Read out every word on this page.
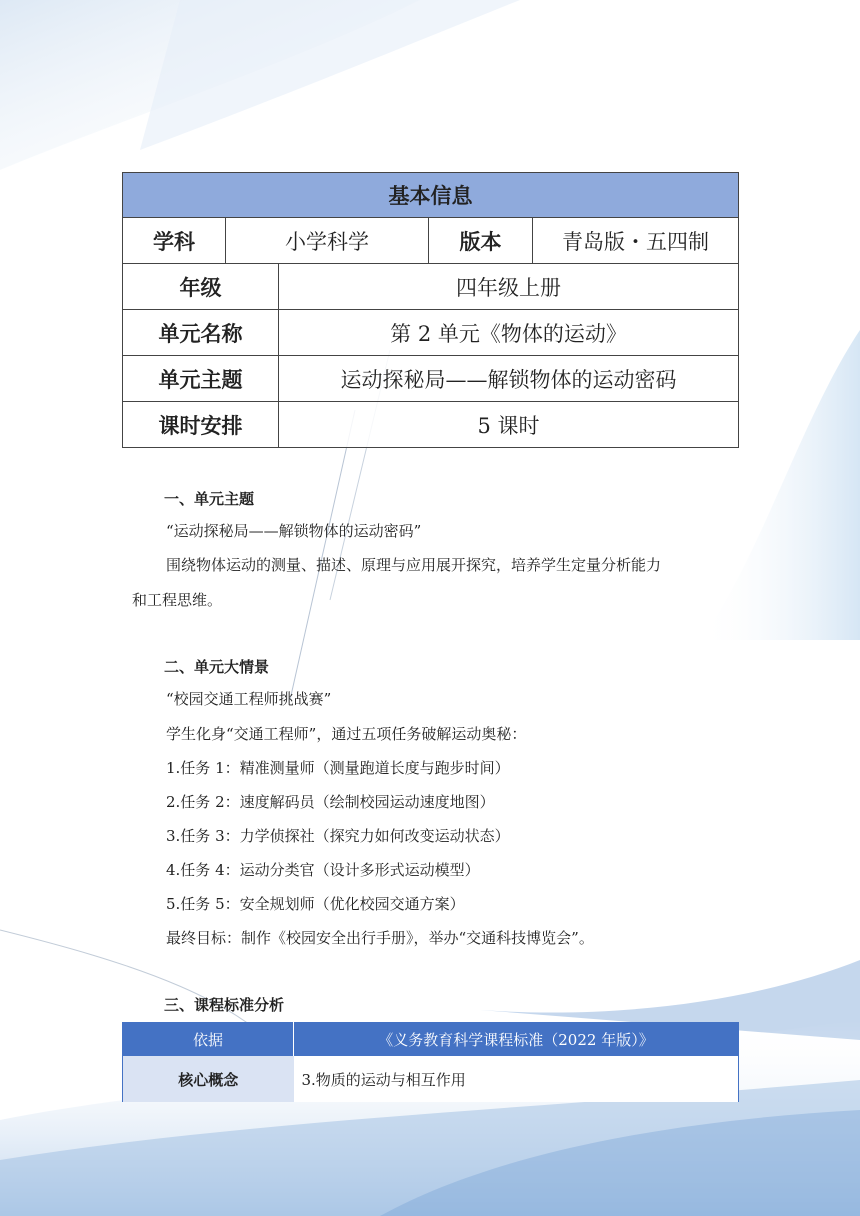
基本信息				
学科	小学科学		版本	青岛版・五四制
年级		四年级上册		
单元名称		第 2 单元《物体的运动》		
单元主题		运动探秘局——解锁物体的运动密码		
课时安排		5 课时		
一、单元主题
“运动探秘局——解锁物体的运动密码”
围绕物体运动的测量、描述、原理与应用展开探究，培养学生定量分析能力
和工程思维。
二、单元大情景
“校园交通工程师挑战赛”
学生化身“交通工程师”，通过五项任务破解运动奥秘：
1.任务 1：精准测量师（测量跑道长度与跑步时间）
2.任务 2：速度解码员（绘制校园运动速度地图）
3.任务 3：力学侦探社（探究力如何改变运动状态）
4.任务 4：运动分类官（设计多形式运动模型）
5.任务 5：安全规划师（优化校园交通方案）
最终目标：制作《校园安全出行手册》，举办“交通科技博览会”。
三、课程标准分析
依据	《义务教育科学课程标准（2022 年版）》
核心概念	3.物质的运动与相互作用
